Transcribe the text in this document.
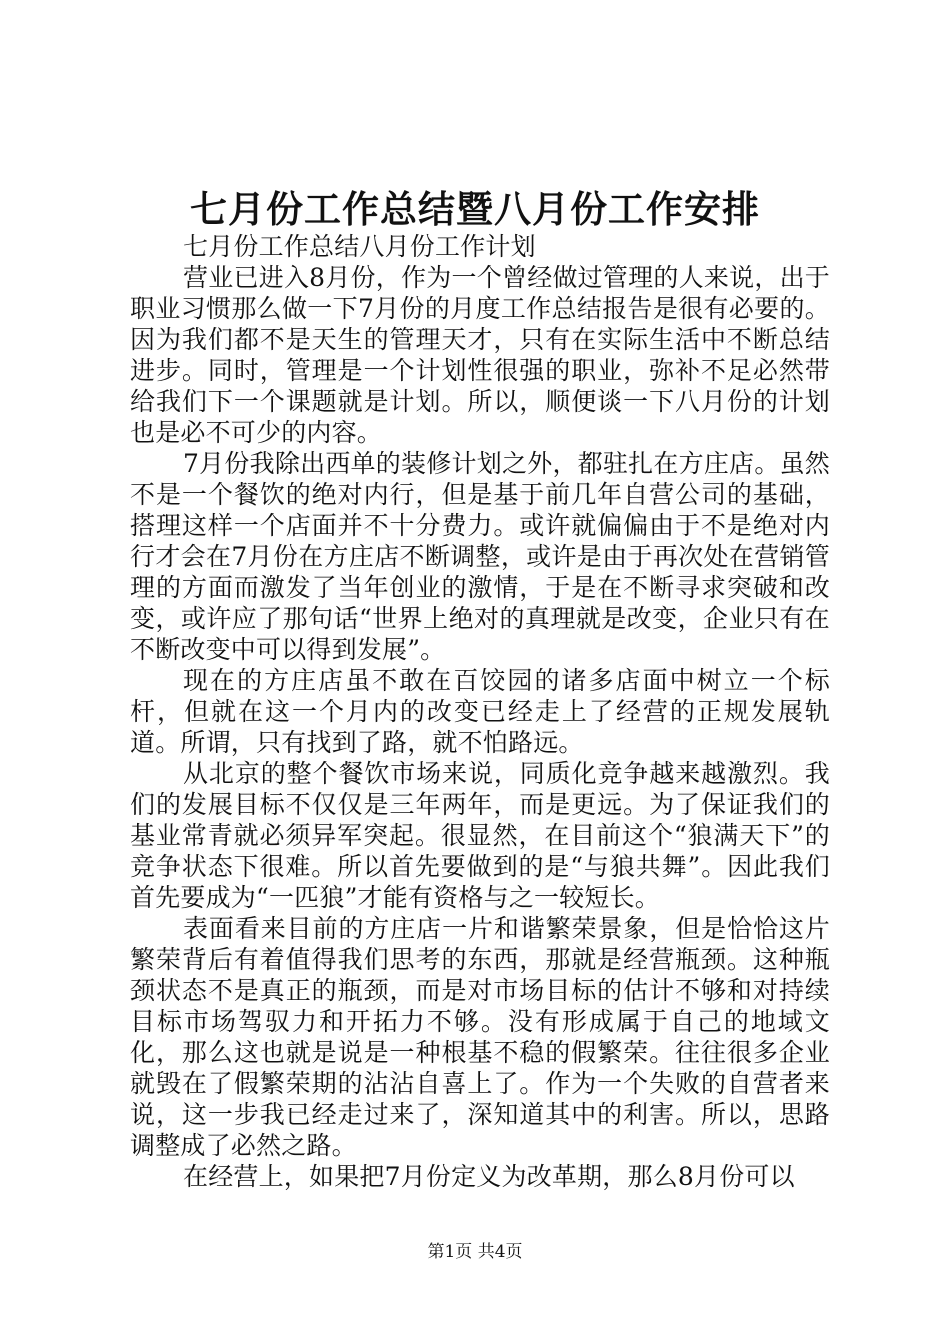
七月份工作总结暨八月份工作安排

七月份工作总结八月份工作计划

营业已进入8月份，作为一个曾经做过管理的人来说，出于职业习惯那么做一下7月份的月度工作总结报告是很有必要的。因为我们都不是天生的管理天才，只有在实际生活中不断总结进步。同时，管理是一个计划性很强的职业，弥补不足必然带给我们下一个课题就是计划。所以，顺便谈一下八月份的计划也是必不可少的内容。

7月份我除出西单的装修计划之外，都驻扎在方庄店。虽然不是一个餐饮的绝对内行，但是基于前几年自营公司的基础，搭理这样一个店面并不十分费力。或许就偏偏由于不是绝对内行才会在7月份在方庄店不断调整，或许是由于再次处在营销管理的方面而激发了当年创业的激情，于是在不断寻求突破和改变，或许应了那句话“世界上绝对的真理就是改变，企业只有在不断改变中可以得到发展”。

现在的方庄店虽不敢在百饺园的诸多店面中树立一个标杆，但就在这一个月内的改变已经走上了经营的正规发展轨道。所谓，只有找到了路，就不怕路远。

从北京的整个餐饮市场来说，同质化竞争越来越激烈。我们的发展目标不仅仅是三年两年，而是更远。为了保证我们的基业常青就必须异军突起。很显然，在目前这个“狼满天下”的竞争状态下很难。所以首先要做到的是“与狼共舞”。因此我们首先要成为“一匹狼”才能有资格与之一较短长。

表面看来目前的方庄店一片和谐繁荣景象，但是恰恰这片繁荣背后有着值得我们思考的东西，那就是经营瓶颈。这种瓶颈状态不是真正的瓶颈，而是对市场目标的估计不够和对持续目标市场驾驭力和开拓力不够。没有形成属于自己的地域文化，那么这也就是说是一种根基不稳的假繁荣。往往很多企业就毁在了假繁荣期的沾沾自喜上了。作为一个失败的自营者来说，这一步我已经走过来了，深知道其中的利害。所以，思路调整成了必然之路。

在经营上，如果把7月份定义为改革期，那么8月份可以

第1页 共4页
